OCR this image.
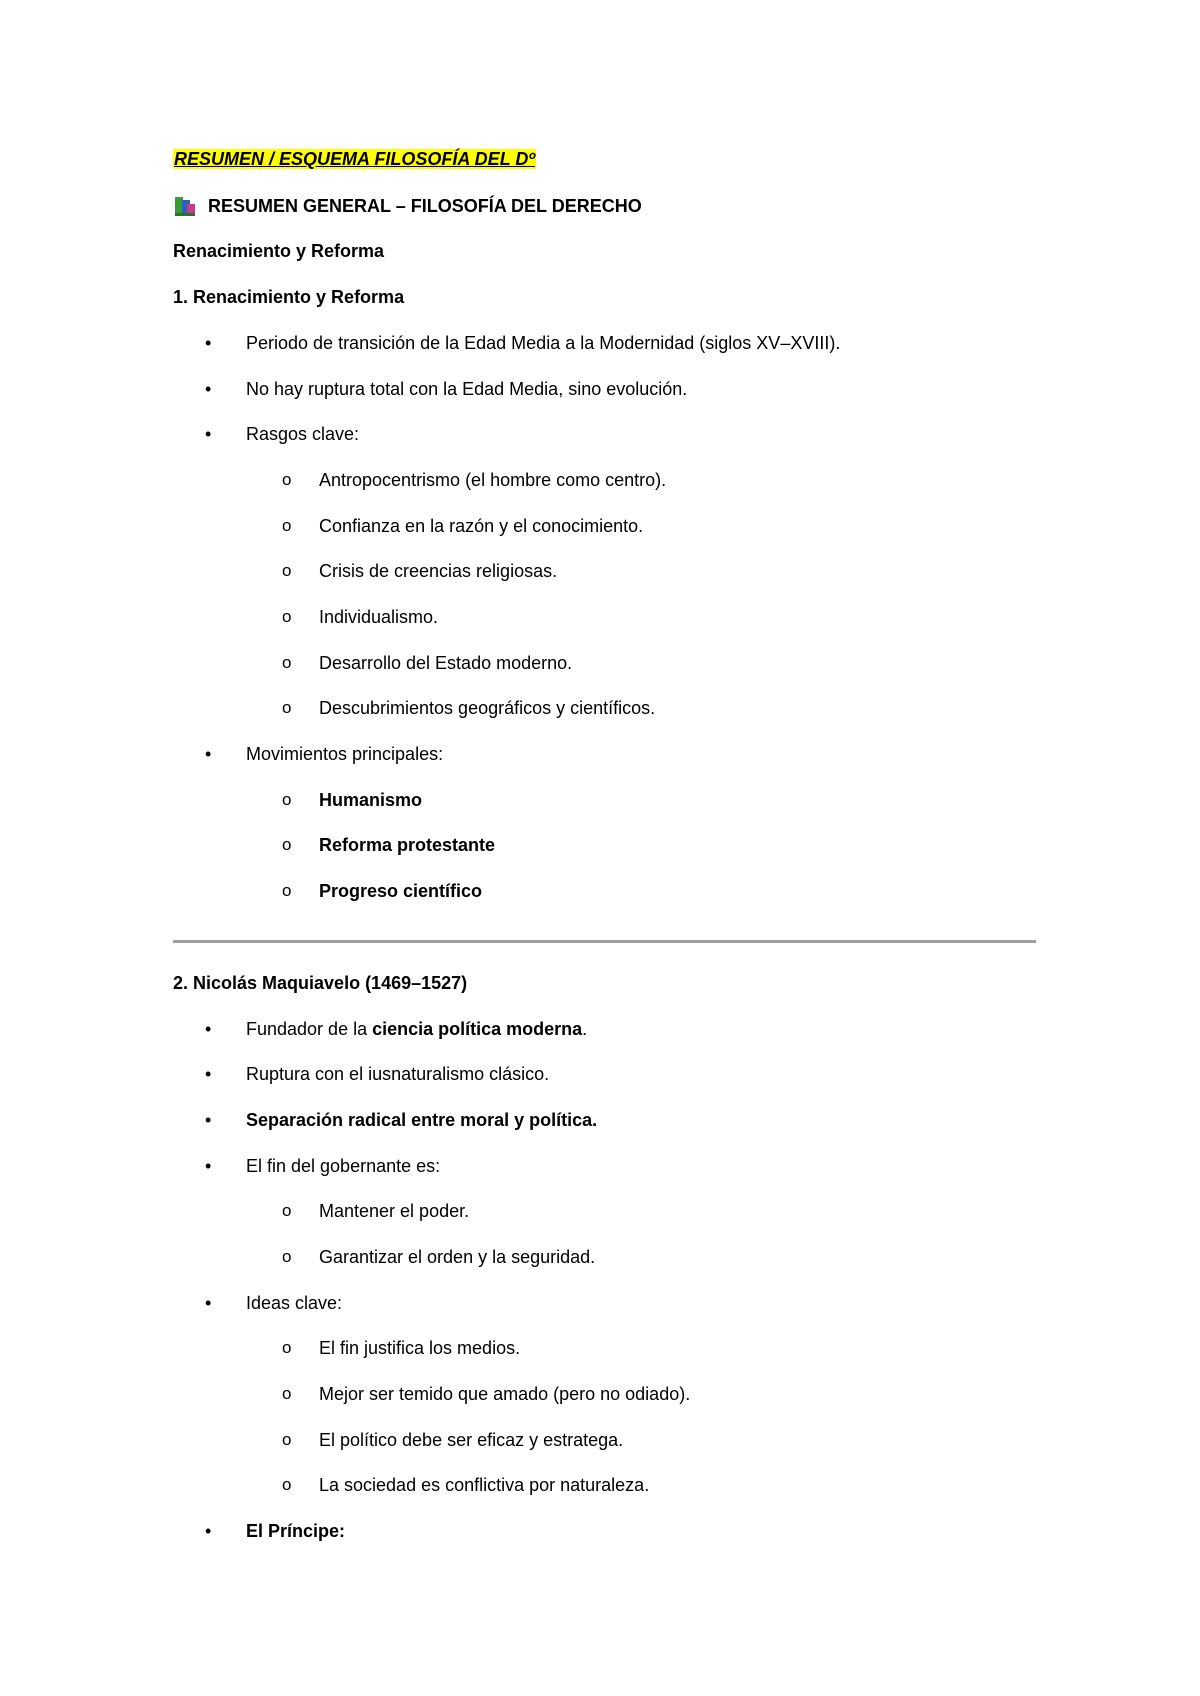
RESUMEN / ESQUEMA FILOSOFÍA DEL Dº
RESUMEN GENERAL – FILOSOFÍA DEL DERECHO
Renacimiento y Reforma
1. Renacimiento y Reforma
• Periodo de transición de la Edad Media a la Modernidad (siglos XV–XVIII).
• No hay ruptura total con la Edad Media, sino evolución.
• Rasgos clave:
o Antropocentrismo (el hombre como centro).
o Confianza en la razón y el conocimiento.
o Crisis de creencias religiosas.
o Individualismo.
o Desarrollo del Estado moderno.
o Descubrimientos geográficos y científicos.
• Movimientos principales:
o Humanismo
o Reforma protestante
o Progreso científico
2. Nicolás Maquiavelo (1469–1527)
• Fundador de la ciencia política moderna.
• Ruptura con el iusnaturalismo clásico.
• Separación radical entre moral y política.
• El fin del gobernante es:
o Mantener el poder.
o Garantizar el orden y la seguridad.
• Ideas clave:
o El fin justifica los medios.
o Mejor ser temido que amado (pero no odiado).
o El político debe ser eficaz y estratega.
o La sociedad es conflictiva por naturaleza.
• El Príncipe:
